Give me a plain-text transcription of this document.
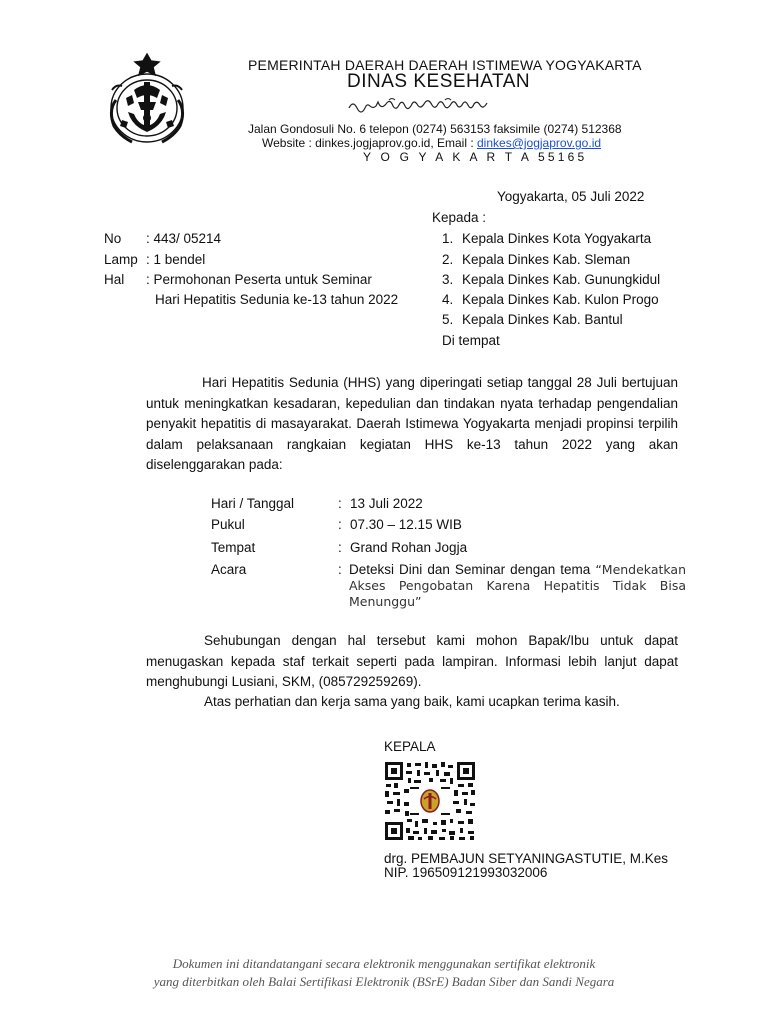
PEMERINTAH DAERAH DAERAH ISTIMEWA YOGYAKARTA
DINAS KESEHATAN
Jalan Gondosuli No. 6 telepon (0274) 563153 faksimile (0274) 512368
Website : dinkes.jogjaprov.go.id, Email : dinkes@jogjaprov.go.id
Y O G Y A K A R T A 55165
Yogyakarta, 05 Juli 2022
Kepada :
No : 443/ 05214
Lamp : 1 bendel
Hal : Permohonan Peserta untuk Seminar
Hari Hepatitis Sedunia ke-13 tahun 2022
1. Kepala Dinkes Kota Yogyakarta
2. Kepala Dinkes Kab. Sleman
3. Kepala Dinkes Kab. Gunungkidul
4. Kepala Dinkes Kab. Kulon Progo
5. Kepala Dinkes Kab. Bantul
Di tempat
Hari Hepatitis Sedunia (HHS) yang diperingati setiap tanggal 28 Juli bertujuan untuk meningkatkan kesadaran, kepedulian dan tindakan nyata terhadap pengendalian penyakit hepatitis di masayarakat. Daerah Istimewa Yogyakarta menjadi propinsi terpilih dalam pelaksanaan rangkaian kegiatan HHS ke-13 tahun 2022 yang akan diselenggarakan pada:
Hari / Tanggal	: 13 Juli 2022
Pukul	: 07.30 – 12.15 WIB
Tempat	: Grand Rohan Jogja
Acara	: Deteksi Dini dan Seminar dengan tema “Mendekatkan Akses Pengobatan Karena Hepatitis Tidak Bisa Menunggu”
Sehubungan dengan hal tersebut kami mohon Bapak/Ibu untuk dapat menugaskan kepada staf terkait seperti pada lampiran. Informasi lebih lanjut dapat menghubungi Lusiani, SKM, (085729259269).
Atas perhatian dan kerja sama yang baik, kami ucapkan terima kasih.
KEPALA
drg. PEMBAJUN SETYANINGASTUTIE, M.Kes
NIP. 196509121993032006
Dokumen ini ditandatangani secara elektronik menggunakan sertifikat elektronik
yang diterbitkan oleh Balai Sertifikasi Elektronik (BSrE) Badan Siber dan Sandi Negara
